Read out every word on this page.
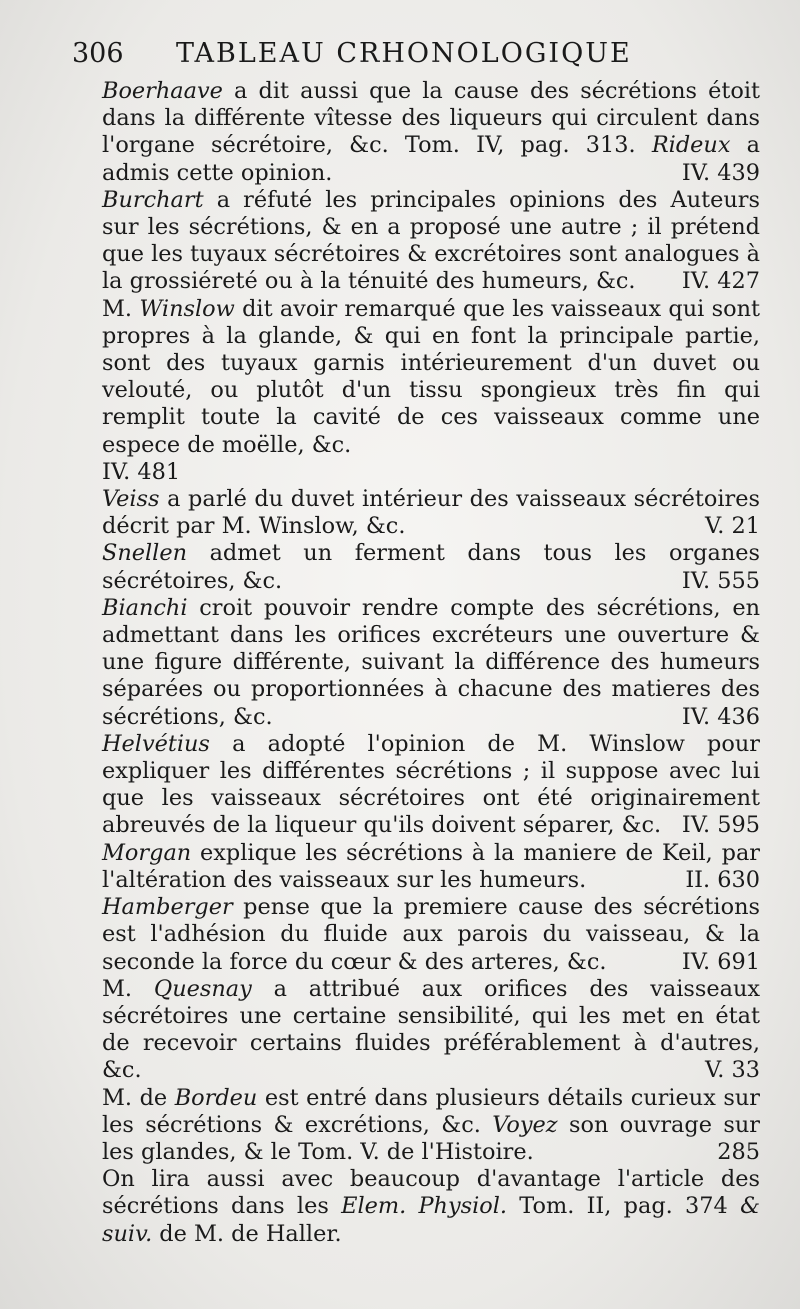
306 TABLEAU CRHONOLOGIQUE

Boerhaave a dit aussi que la cause des sécrétions étoit dans la différente vîtesse des liqueurs qui circulent dans l'organe sécrétoire, &c. Tom. IV, pag. 313. Rideux a admis cette opinion.	IV. 439

Burchart a réfuté les principales opinions des Auteurs sur les sécrétions, & en a proposé une autre ; il prétend que les tuyaux sécrétoires & excrétoires sont analogues à la grossiéreté ou à la ténuité des humeurs, &c. IV. 427

M. Winslow dit avoir remarqué que les vaisseaux qui sont propres à la glande, & qui en font la principale partie, sont des tuyaux garnis intérieurement d'un duvet ou velouté, ou plutôt d'un tissu spongieux très fin qui remplit toute la cavité de ces vaisseaux comme une espece de moëlle, &c.
IV. 481

Veiss a parlé du duvet intérieur des vaisseaux sécrétoires décrit par M. Winslow, &c.	V. 21

Snellen admet un ferment dans tous les organes sécrétoires, &c.	IV. 555

Bianchi croit pouvoir rendre compte des sécrétions, en admettant dans les orifices excréteurs une ouverture & une figure différente, suivant la différence des humeurs séparées ou proportionnées à chacune des matieres des sécrétions, &c.	IV. 436

Helvétius a adopté l'opinion de M. Winslow pour expliquer les différentes sécrétions ; il suppose avec lui que les vaisseaux sécrétoires ont été originairement abreuvés de la liqueur qu'ils doivent séparer, &c. IV. 595

Morgan explique les sécrétions à la maniere de Keil, par l'altération des vaisseaux sur les humeurs.	II. 630

Hamberger pense que la premiere cause des sécrétions est l'adhésion du fluide aux parois du vaisseau, & la seconde la force du cœur & des arteres, &c.	IV. 691

M. Quesnay a attribué aux orifices des vaisseaux sécrétoires une certaine sensibilité, qui les met en état de recevoir certains fluides préférablement à d'autres, &c.	V. 33

M. de Bordeu est entré dans plusieurs détails curieux sur les sécrétions & excrétions, &c. Voyez son ouvrage sur les glandes, & le Tom. V. de l'Histoire.	285

On lira aussi avec beaucoup d'avantage l'article des sécrétions dans les Elem. Physiol. Tom. II, pag. 374 & suiv. de M. de Haller.
